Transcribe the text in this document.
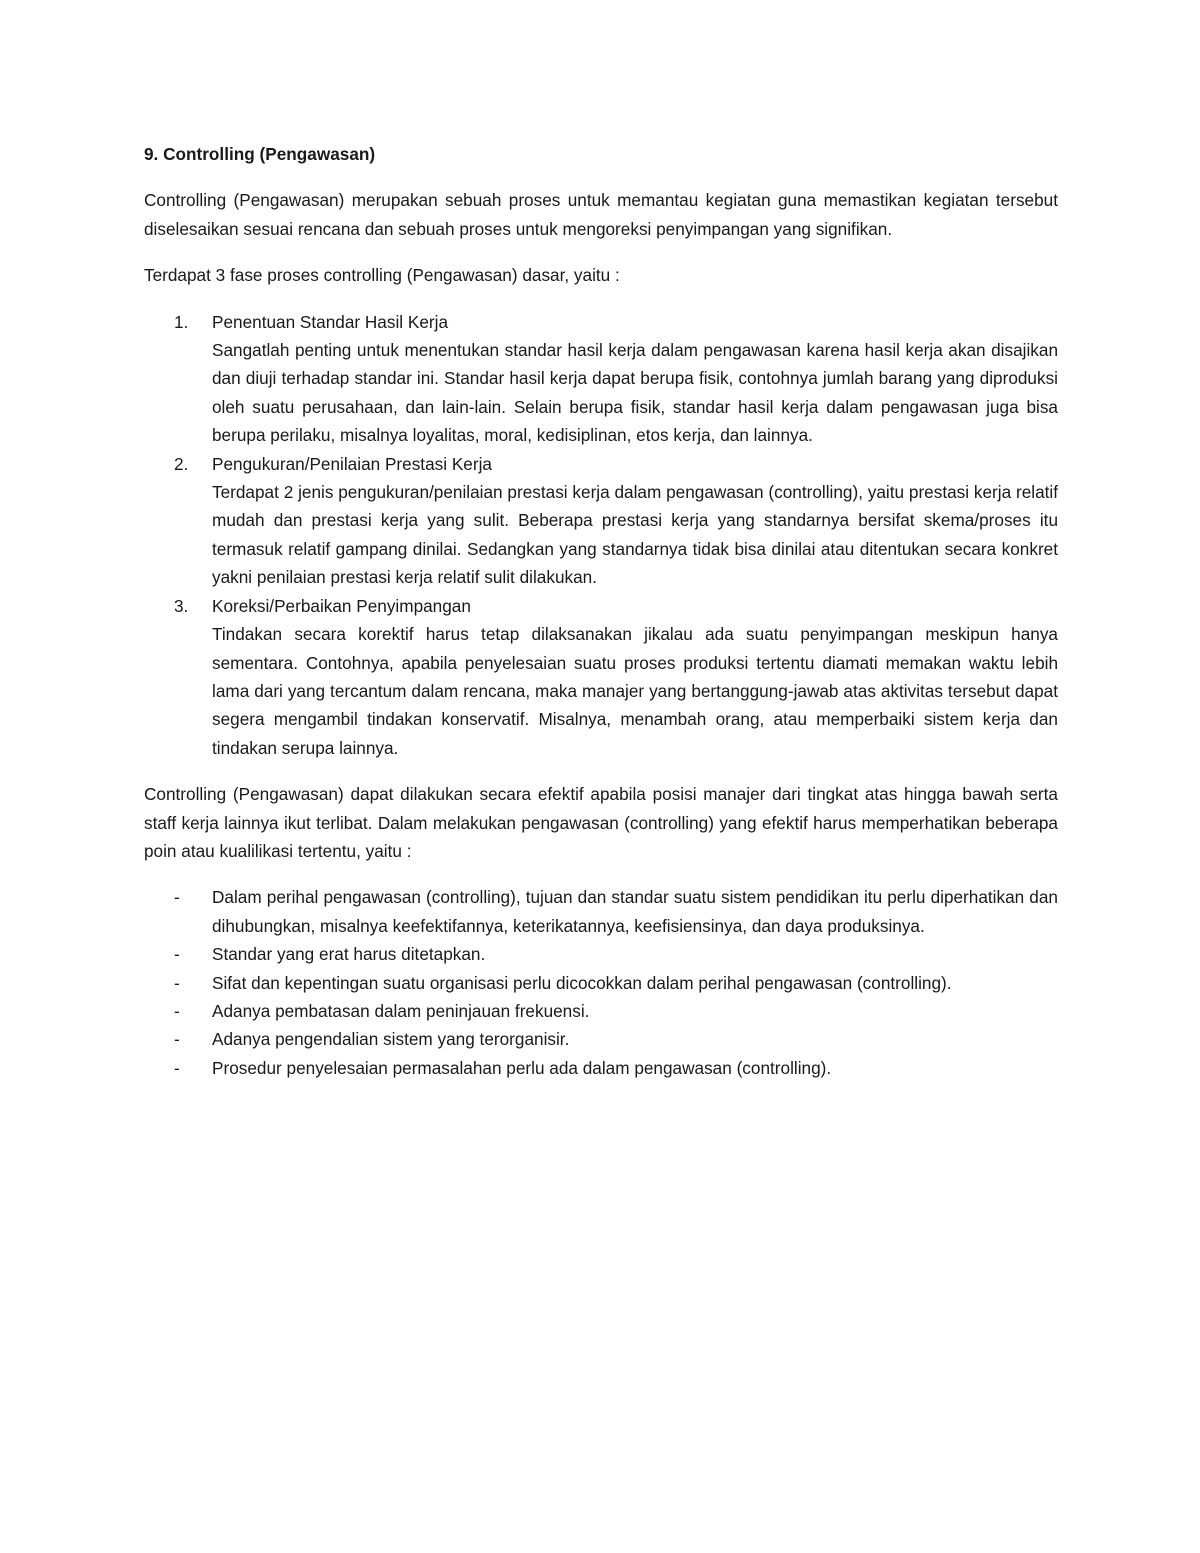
9. Controlling (Pengawasan)

Controlling (Pengawasan) merupakan sebuah proses untuk memantau kegiatan guna memastikan kegiatan tersebut diselesaikan sesuai rencana dan sebuah proses untuk mengoreksi penyimpangan yang signifikan.

Terdapat 3 fase proses controlling (Pengawasan) dasar, yaitu :

1. Penentuan Standar Hasil Kerja
Sangatlah penting untuk menentukan standar hasil kerja dalam pengawasan karena hasil kerja akan disajikan dan diuji terhadap standar ini. Standar hasil kerja dapat berupa fisik, contohnya jumlah barang yang diproduksi oleh suatu perusahaan, dan lain-lain. Selain berupa fisik, standar hasil kerja dalam pengawasan juga bisa berupa perilaku, misalnya loyalitas, moral, kedisiplinan, etos kerja, dan lainnya.
2. Pengukuran/Penilaian Prestasi Kerja
Terdapat 2 jenis pengukuran/penilaian prestasi kerja dalam pengawasan (controlling), yaitu prestasi kerja relatif mudah dan prestasi kerja yang sulit. Beberapa prestasi kerja yang standarnya bersifat skema/proses itu termasuk relatif gampang dinilai. Sedangkan yang standarnya tidak bisa dinilai atau ditentukan secara konkret yakni penilaian prestasi kerja relatif sulit dilakukan.
3. Koreksi/Perbaikan Penyimpangan
Tindakan secara korektif harus tetap dilaksanakan jikalau ada suatu penyimpangan meskipun hanya sementara. Contohnya, apabila penyelesaian suatu proses produksi tertentu diamati memakan waktu lebih lama dari yang tercantum dalam rencana, maka manajer yang bertanggung-jawab atas aktivitas tersebut dapat segera mengambil tindakan konservatif. Misalnya, menambah orang, atau memperbaiki sistem kerja dan tindakan serupa lainnya.

Controlling (Pengawasan) dapat dilakukan secara efektif apabila posisi manajer dari tingkat atas hingga bawah serta staff kerja lainnya ikut terlibat. Dalam melakukan pengawasan (controlling) yang efektif harus memperhatikan beberapa poin atau kualilikasi tertentu, yaitu :

- Dalam perihal pengawasan (controlling), tujuan dan standar suatu sistem pendidikan itu perlu diperhatikan dan dihubungkan, misalnya keefektifannya, keterikatannya, keefisiensinya, dan daya produksinya.
- Standar yang erat harus ditetapkan.
- Sifat dan kepentingan suatu organisasi perlu dicocokkan dalam perihal pengawasan (controlling).
- Adanya pembatasan dalam peninjauan frekuensi.
- Adanya pengendalian sistem yang terorganisir.
- Prosedur penyelesaian permasalahan perlu ada dalam pengawasan (controlling).
